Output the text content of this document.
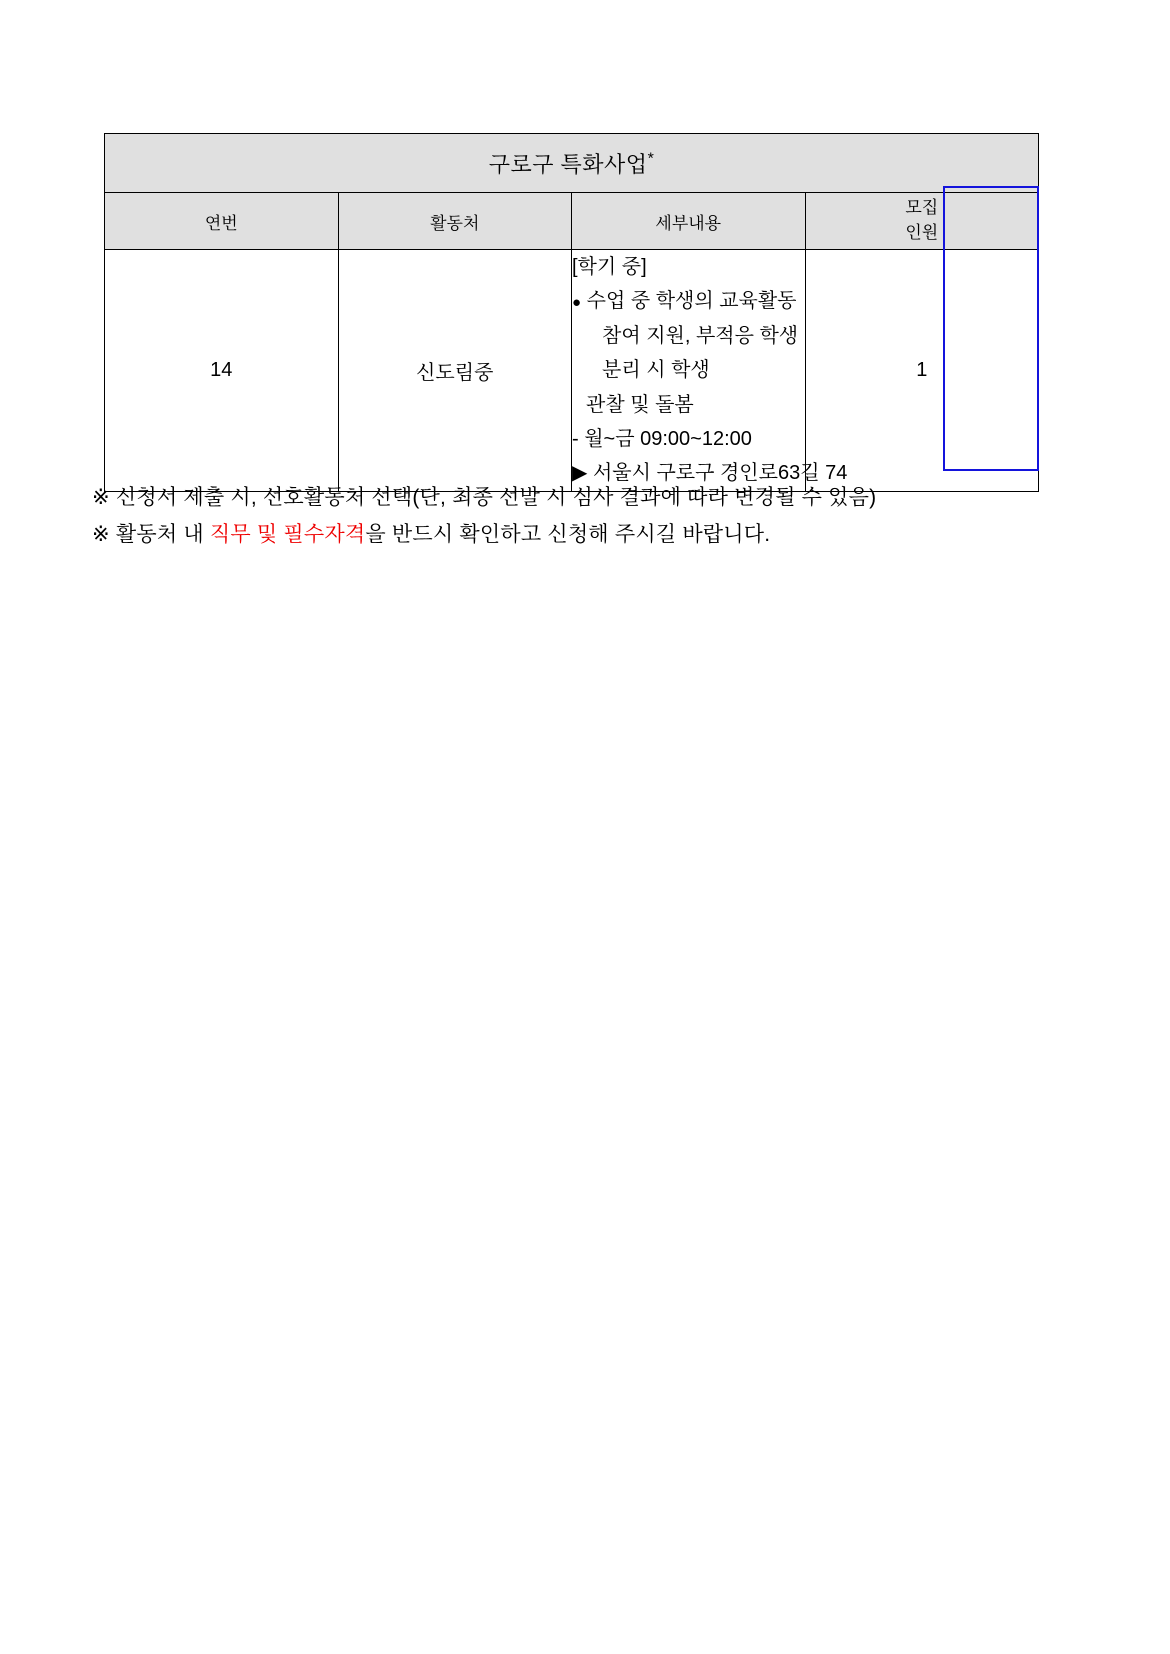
구로구 특화사업*
연번	활동처	세부내용	모집
인원

14	신도림중	[학기 중]
● 수업 중 학생의 교육활동 참여 지원, 부적응 학생 분리 시 학생
관찰 및 돌봄
- 월~금 09:00~12:00
▶ 서울시 구로구 경인로63길 74	1
※ 신청서 제출 시, 선호활동처 선택(단, 최종 선발 시 심사 결과에 따라 변경될 수 있음)
※ 활동처 내 직무 및 필수자격을 반드시 확인하고 신청해 주시길 바랍니다.
